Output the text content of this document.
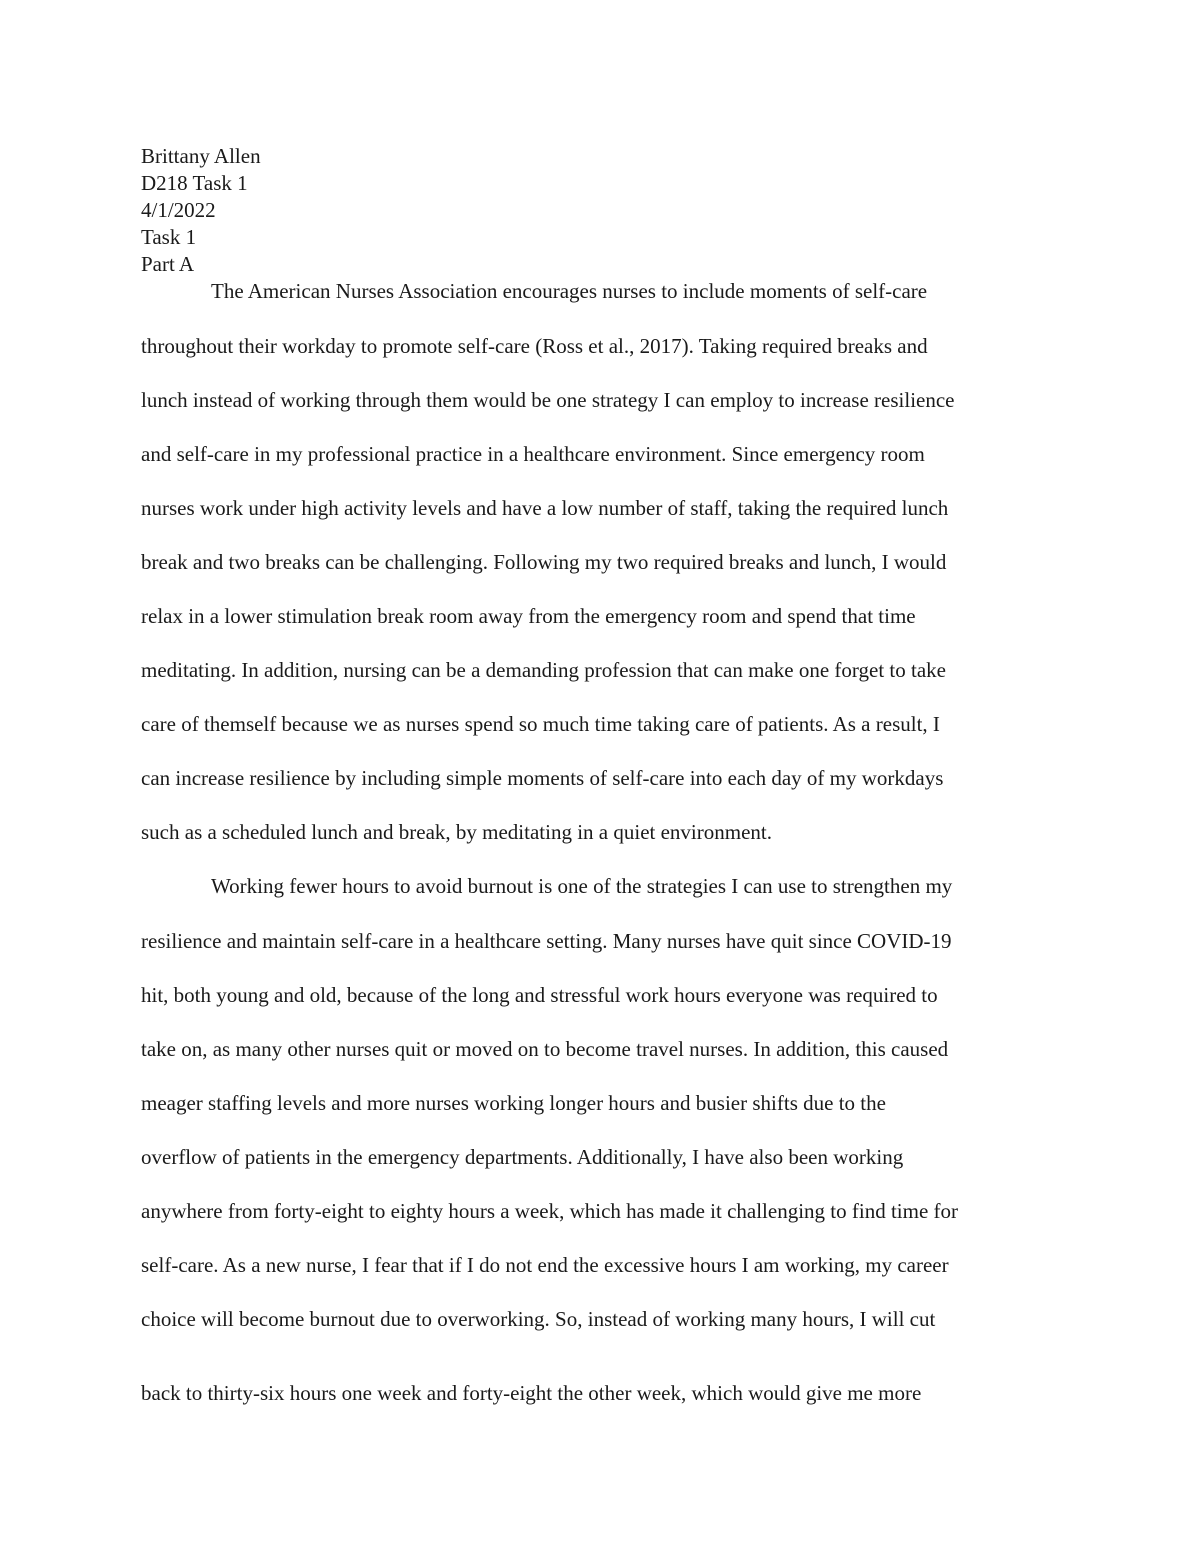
Brittany Allen
D218 Task 1
4/1/2022
Task 1
Part A
The American Nurses Association encourages nurses to include moments of self-care
throughout their workday to promote self-care (Ross et al., 2017). Taking required breaks and
lunch instead of working through them would be one strategy I can employ to increase resilience
and self-care in my professional practice in a healthcare environment. Since emergency room
nurses work under high activity levels and have a low number of staff, taking the required lunch
break and two breaks can be challenging. Following my two required breaks and lunch, I would
relax in a lower stimulation break room away from the emergency room and spend that time
meditating. In addition, nursing can be a demanding profession that can make one forget to take
care of themself because we as nurses spend so much time taking care of patients. As a result, I
can increase resilience by including simple moments of self-care into each day of my workdays
such as a scheduled lunch and break, by meditating in a quiet environment.
Working fewer hours to avoid burnout is one of the strategies I can use to strengthen my
resilience and maintain self-care in a healthcare setting. Many nurses have quit since COVID-19
hit, both young and old, because of the long and stressful work hours everyone was required to
take on, as many other nurses quit or moved on to become travel nurses. In addition, this caused
meager staffing levels and more nurses working longer hours and busier shifts due to the
overflow of patients in the emergency departments. Additionally, I have also been working
anywhere from forty-eight to eighty hours a week, which has made it challenging to find time for
self-care. As a new nurse, I fear that if I do not end the excessive hours I am working, my career
choice will become burnout due to overworking. So, instead of working many hours, I will cut
back to thirty-six hours one week and forty-eight the other week, which would give me more
